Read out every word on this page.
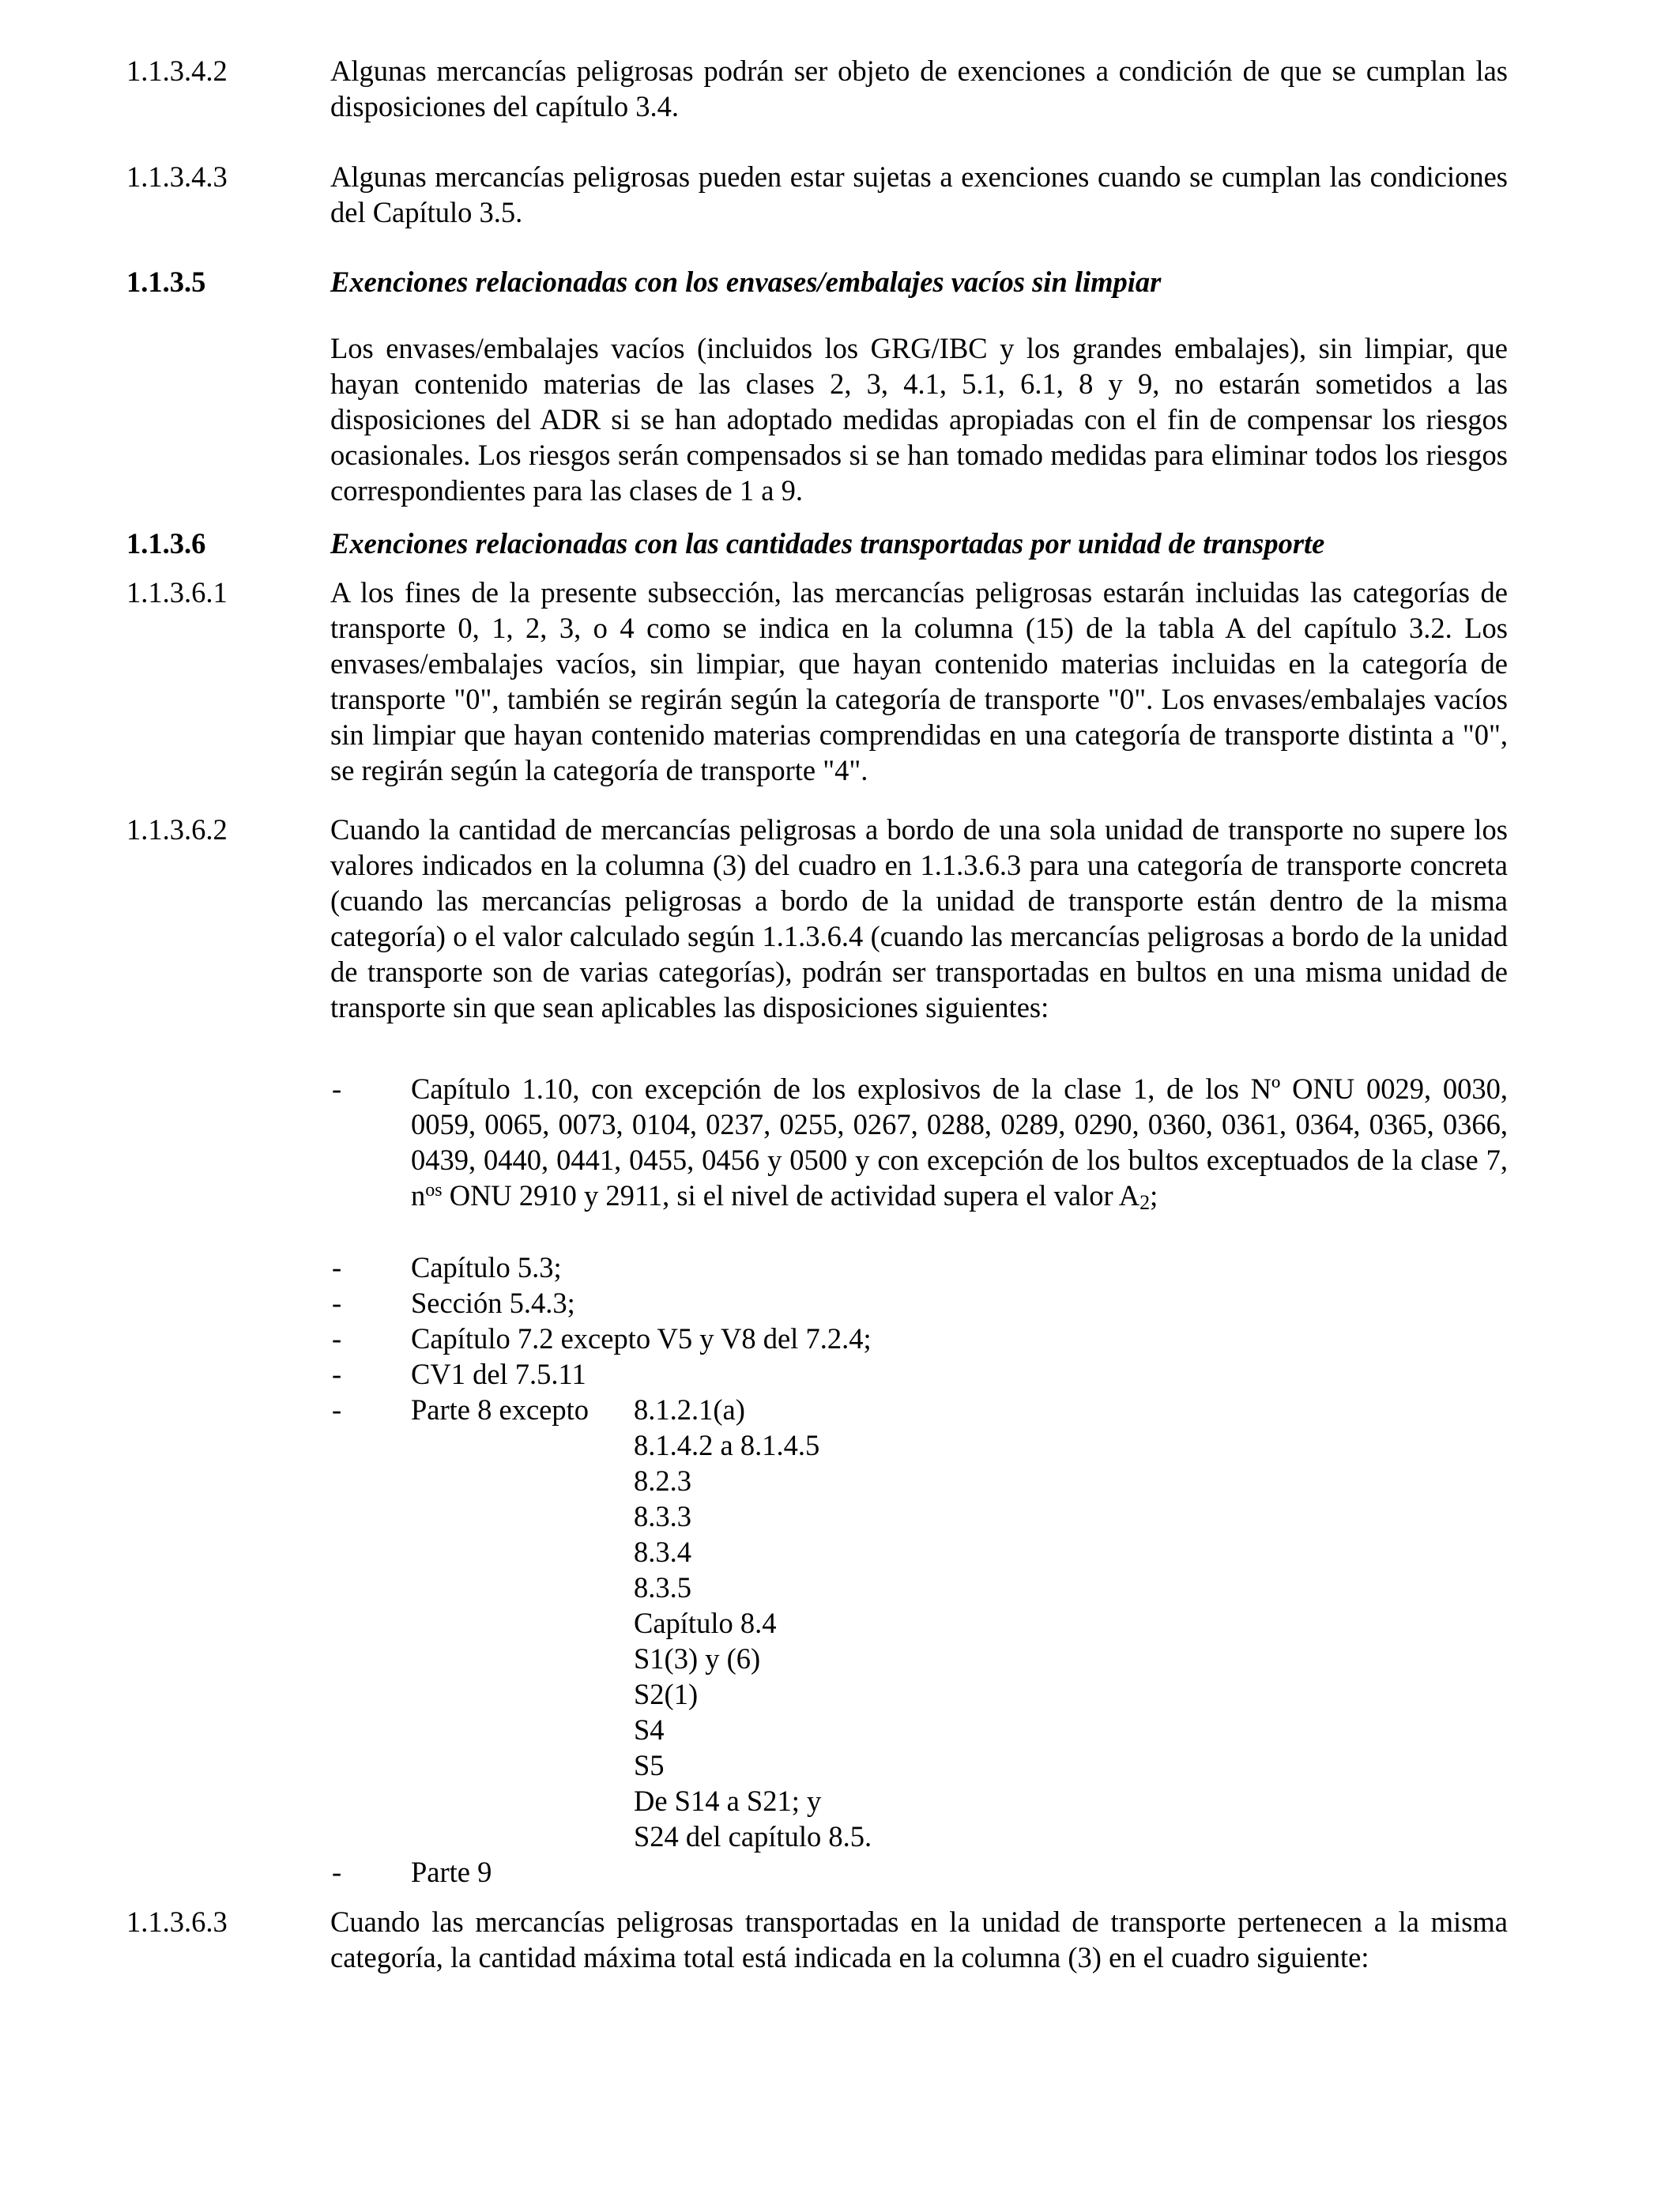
1.1.3.4.2	Algunas mercancías peligrosas podrán ser objeto de exenciones a condición de que se cumplan las disposiciones del capítulo 3.4.
1.1.3.4.3	Algunas mercancías peligrosas pueden estar sujetas a exenciones cuando se cumplan las condiciones del Capítulo 3.5.
1.1.3.5	Exenciones relacionadas con los envases/embalajes vacíos sin limpiar
Los envases/embalajes vacíos (incluidos los GRG/IBC y los grandes embalajes), sin limpiar, que hayan contenido materias de las clases 2, 3, 4.1, 5.1, 6.1, 8 y 9, no estarán sometidos a las disposiciones del ADR si se han adoptado medidas apropiadas con el fin de compensar los riesgos ocasionales. Los riesgos serán compensados si se han tomado medidas para eliminar todos los riesgos correspondientes para las clases de 1 a 9.
1.1.3.6	Exenciones relacionadas con las cantidades transportadas por unidad de transporte
1.1.3.6.1	A los fines de la presente subsección, las mercancías peligrosas estarán incluidas las categorías de transporte 0, 1, 2, 3, o 4 como se indica en la columna (15) de la tabla A del capítulo 3.2. Los envases/embalajes vacíos, sin limpiar, que hayan contenido materias incluidas en la categoría de transporte "0", también se regirán según la categoría de transporte "0". Los envases/embalajes vacíos sin limpiar que hayan contenido materias comprendidas en una categoría de transporte distinta a "0", se regirán según la categoría de transporte "4".
1.1.3.6.2	Cuando la cantidad de mercancías peligrosas a bordo de una sola unidad de transporte no supere los valores indicados en la columna (3) del cuadro en 1.1.3.6.3 para una categoría de transporte concreta (cuando las mercancías peligrosas a bordo de la unidad de transporte están dentro de la misma categoría) o el valor calculado según 1.1.3.6.4 (cuando las mercancías peligrosas a bordo de la unidad de transporte son de varias categorías), podrán ser transportadas en bultos en una misma unidad de transporte sin que sean aplicables las disposiciones siguientes:
- Capítulo 1.10, con excepción de los explosivos de la clase 1, de los Nº ONU 0029, 0030, 0059, 0065, 0073, 0104, 0237, 0255, 0267, 0288, 0289, 0290, 0360, 0361, 0364, 0365, 0366, 0439, 0440, 0441, 0455, 0456 y 0500 y con excepción de los bultos exceptuados de la clase 7, $n^{os}$ ONU 2910 y 2911, si el nivel de actividad supera el valor $A_2$;
- Capítulo 5.3;
- Sección 5.4.3;
- Capítulo 7.2 excepto V5 y V8 del 7.2.4;
- CV1 del 7.5.11
- Parte 8 excepto	8.1.2.1(a)
8.1.4.2 a 8.1.4.5
8.2.3
8.3.3
8.3.4
8.3.5
Capítulo 8.4
S1(3) y (6)
S2(1)
S4
S5
De S14 a S21; y
S24 del capítulo 8.5.
- Parte 9
1.1.3.6.3	Cuando las mercancías peligrosas transportadas en la unidad de transporte pertenecen a la misma categoría, la cantidad máxima total está indicada en la columna (3) en el cuadro siguiente:
